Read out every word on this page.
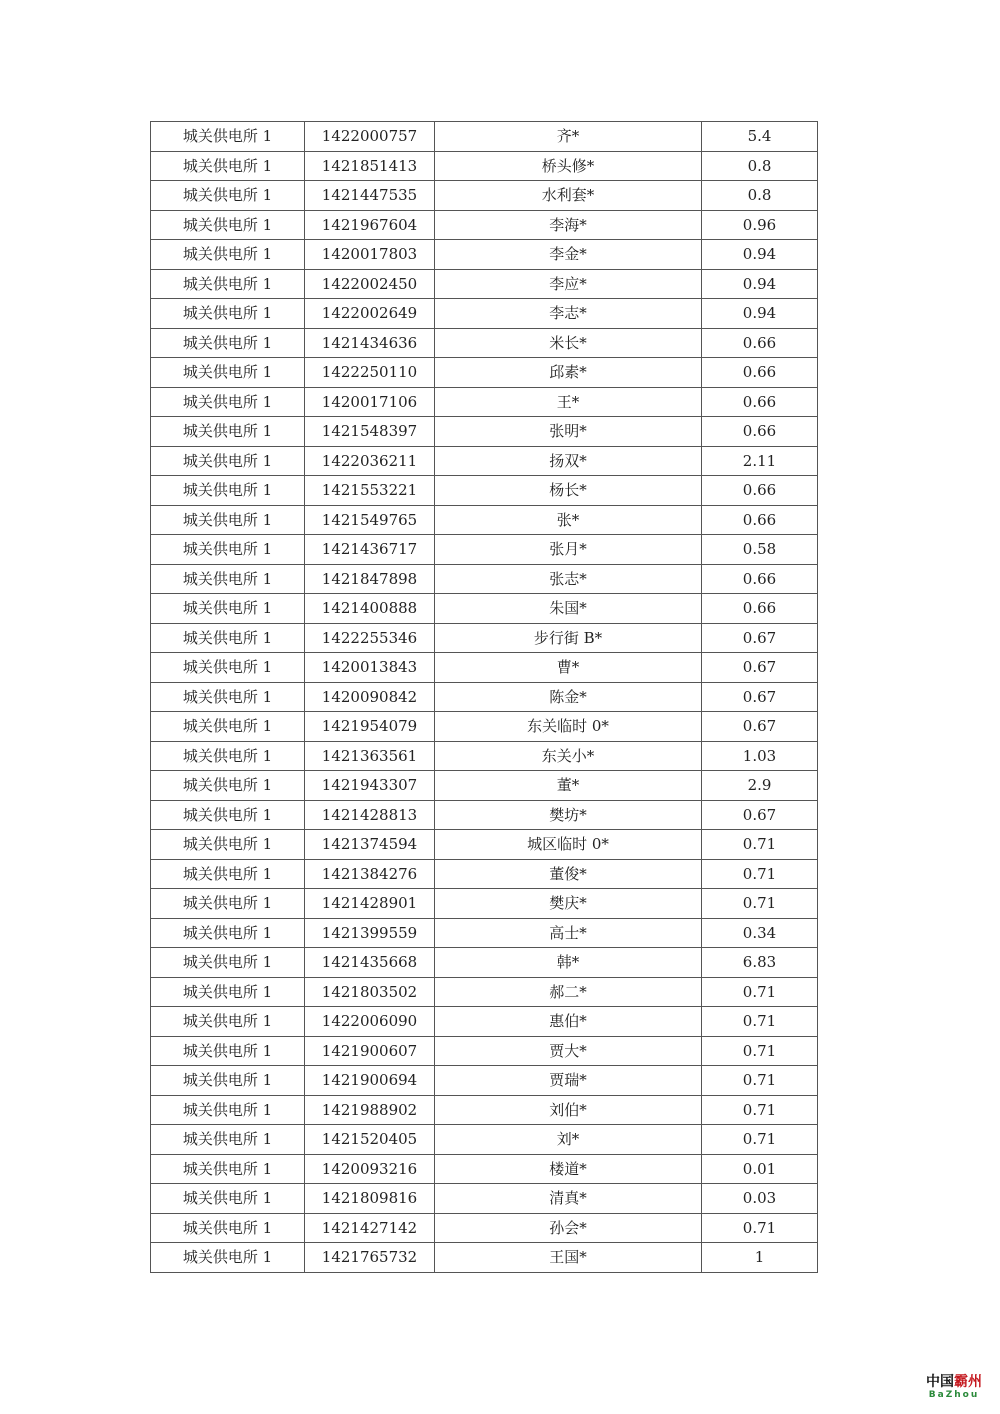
城关供电所 1	1422000757	齐*	5.4
城关供电所 1	1421851413	桥头修*	0.8
城关供电所 1	1421447535	水利套*	0.8
城关供电所 1	1421967604	李海*	0.96
城关供电所 1	1420017803	李金*	0.94
城关供电所 1	1422002450	李应*	0.94
城关供电所 1	1422002649	李志*	0.94
城关供电所 1	1421434636	米长*	0.66
城关供电所 1	1422250110	邱素*	0.66
城关供电所 1	1420017106	王*	0.66
城关供电所 1	1421548397	张明*	0.66
城关供电所 1	1422036211	扬双*	2.11
城关供电所 1	1421553221	杨长*	0.66
城关供电所 1	1421549765	张*	0.66
城关供电所 1	1421436717	张月*	0.58
城关供电所 1	1421847898	张志*	0.66
城关供电所 1	1421400888	朱国*	0.66
城关供电所 1	1422255346	步行街 B*	0.67
城关供电所 1	1420013843	曹*	0.67
城关供电所 1	1420090842	陈金*	0.67
城关供电所 1	1421954079	东关临时 0*	0.67
城关供电所 1	1421363561	东关小*	1.03
城关供电所 1	1421943307	董*	2.9
城关供电所 1	1421428813	樊坊*	0.67
城关供电所 1	1421374594	城区临时 0*	0.71
城关供电所 1	1421384276	董俊*	0.71
城关供电所 1	1421428901	樊庆*	0.71
城关供电所 1	1421399559	高士*	0.34
城关供电所 1	1421435668	韩*	6.83
城关供电所 1	1421803502	郝二*	0.71
城关供电所 1	1422006090	惠伯*	0.71
城关供电所 1	1421900607	贾大*	0.71
城关供电所 1	1421900694	贾瑞*	0.71
城关供电所 1	1421988902	刘伯*	0.71
城关供电所 1	1421520405	刘*	0.71
城关供电所 1	1420093216	楼道*	0.01
城关供电所 1	1421809816	清真*	0.03
城关供电所 1	1421427142	孙会*	0.71
城关供电所 1	1421765732	王国*	1
中国霸州
BaZhou
